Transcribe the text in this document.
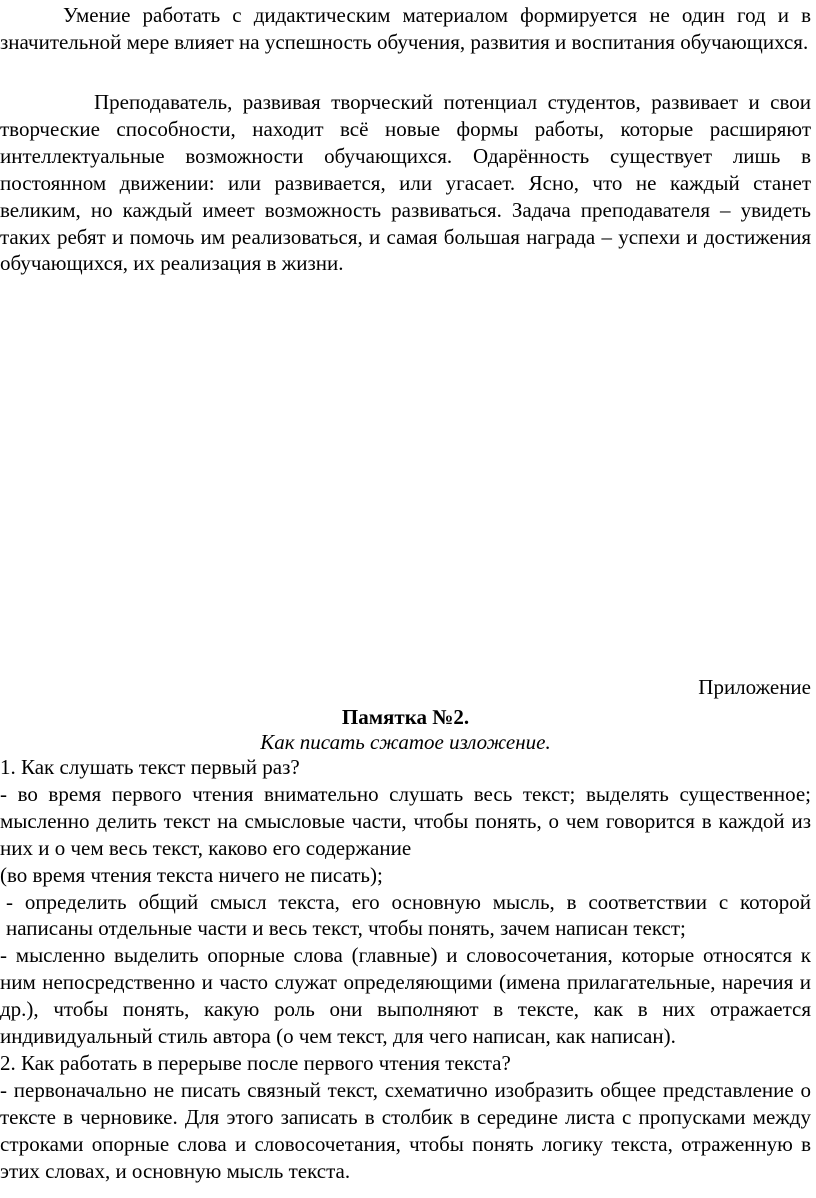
Умение работать с дидактическим материалом формируется не один год и в значительной мере влияет на успешность обучения, развития и воспитания обучающихся.

Преподаватель, развивая творческий потенциал студентов, развивает и свои творческие способности, находит всё новые формы работы, которые расширяют интеллектуальные возможности обучающихся. Одарённость существует лишь в постоянном движении: или развивается, или угасает. Ясно, что не каждый станет великим, но каждый имеет возможность развиваться. Задача преподавателя – увидеть таких ребят и помочь им реализоваться, и самая большая награда – успехи и достижения обучающихся, их реализация в жизни.

Приложение

Памятка №2.

Как писать сжатое изложение.

1. Как слушать текст первый раз?

- во время первого чтения внимательно слушать весь текст; выделять существенное; мысленно делить текст на смысловые части, чтобы понять, о чем говорится в каждой из них и о чем весь текст, каково его содержание

(во время чтения текста ничего не писать);

- определить общий смысл текста, его основную мысль, в соответствии с которой написаны отдельные части и весь текст, чтобы понять, зачем написан текст;

- мысленно выделить опорные слова (главные) и словосочетания, которые относятся к ним непосредственно и часто служат определяющими (имена прилагательные, наречия и др.), чтобы понять, какую роль они выполняют в тексте, как в них отражается индивидуальный стиль автора (о чем текст, для чего написан, как написан).

2. Как работать в перерыве после первого чтения текста?

- первоначально не писать связный текст, схематично изобразить общее представление о тексте в черновике. Для этого записать в столбик в середине листа с пропусками между строками опорные слова и словосочетания, чтобы понять логику текста, отраженную в этих словах, и основную мысль текста.
